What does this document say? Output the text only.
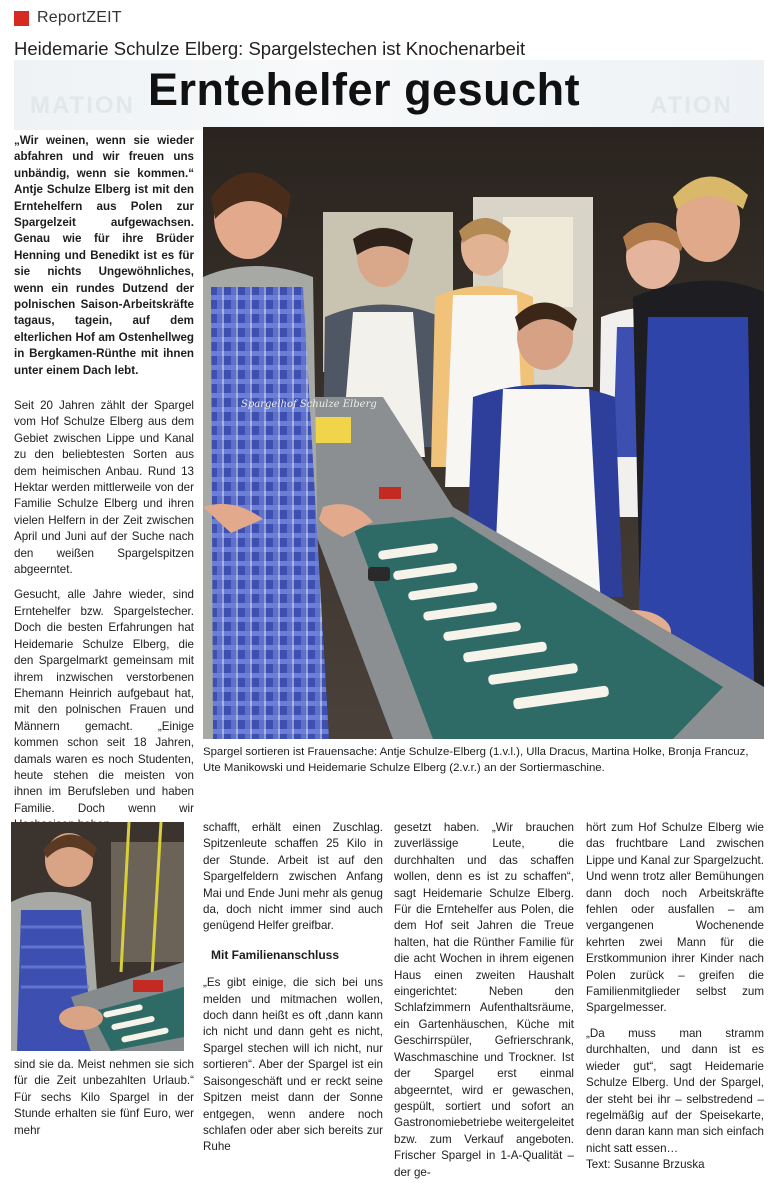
ReportZEIT
MATION	ATION
Heidemarie Schulze Elberg: Spargelstechen ist Knochenarbeit
Erntehelfer gesucht
„Wir weinen, wenn sie wieder abfahren und wir freuen uns unbändig, wenn sie kommen.“ Antje Schulze Elberg ist mit den Erntehelfern aus Polen zur Spargelzeit aufgewachsen. Genau wie für ihre Brüder Henning und Benedikt ist es für sie nichts Ungewöhnliches, wenn ein rundes Dutzend der polnischen Saison-Arbeitskräfte tagaus, tagein, auf dem elterlichen Hof am Ostenhellweg in Bergkamen-Rünthe mit ihnen unter einem Dach lebt.

Seit 20 Jahren zählt der Spargel vom Hof Schulze Elberg aus dem Gebiet zwischen Lippe und Kanal zu den beliebtesten Sorten aus dem heimischen Anbau. Rund 13 Hektar werden mittlerweile von der Familie Schulze Elberg und ihren vielen Helfern in der Zeit zwischen April und Juni auf der Suche nach den weißen Spargelspitzen abgeerntet.

Gesucht, alle Jahre wieder, sind Erntehelfer bzw. Spargelstecher. Doch die besten Erfahrungen hat Heidemarie Schulze Elberg, die den Spargelmarkt gemeinsam mit ihrem inzwischen verstorbenen Ehemann Heinrich aufgebaut hat, mit den polnischen Frauen und Männern gemacht. „Einige kommen schon seit 18 Jahren, damals waren es noch Studenten, heute stehen die meisten von ihnen im Berufsleben und haben Familie. Doch wenn wir

Spargelhof Schulze Elberg
Spargel sortieren ist Frauensache: Antje Schulze-Elberg (1.v.l.), Ulla Dracus, Martina Holke, Bronja Francuz, Ute Manikowski und Heidemarie Schulze Elberg (2.v.r.) an der Sortiermaschine.

sind sie da. Meist nehmen sie sich für die Zeit unbezahlten Urlaub.“ Für sechs Kilo Spargel in der Stunde erhalten sie fünf Euro, wer mehr

schafft, erhält einen Zuschlag. Spitzenleute schaffen 25 Kilo in der Stunde. Arbeit ist auf den Spargelfeldern zwischen Anfang Mai und Ende Juni mehr als genug da, doch nicht immer sind auch genügend Helfer greifbar.

Mit Familienanschluss

„Es gibt einige, die sich bei uns melden und mitmachen wollen, doch dann heißt es oft ‚dann kann ich nicht und dann geht es nicht, Spargel stechen will ich nicht, nur sortieren“. Aber der Spargel ist ein Saisongeschäft und er reckt seine Spitzen meist dann der Sonne entgegen, wenn andere noch schlafen oder aber sich bereits zur Ruhe

gesetzt haben. „Wir brauchen zuverlässige Leute, die durchhalten und das schaffen wollen, denn es ist zu schaffen“, sagt Heidemarie Schulze Elberg. Für die Erntehelfer aus Polen, die dem Hof seit Jahren die Treue halten, hat die Rünther Familie für die acht Wochen in ihrem eigenen Haus einen zweiten Haushalt eingerichtet: Neben den Schlafzimmern Aufenthaltsräume, ein Gartenhäuschen, Küche mit Geschirrspüler, Gefrierschrank, Waschmaschine und Trockner. Ist der Spargel erst einmal abgeerntet, wird er gewaschen, gespült, sortiert und sofort an Gastronomiebetriebe weitergeleitet bzw. zum Verkauf angeboten. Frischer Spargel in 1-A-Qualität – der ge-

hört zum Hof Schulze Elberg wie das fruchtbare Land zwischen Lippe und Kanal zur Spargelzucht. Und wenn trotz aller Bemühungen dann doch noch Arbeitskräfte fehlen oder ausfallen – am vergangenen Wochenende kehrten zwei Mann für die Erstkommunion ihrer Kinder nach Polen zurück – greifen die Familienmitglieder selbst zum Spargelmesser.

„Da muss man stramm durchhalten, und dann ist es wieder gut“, sagt Heidemarie Schulze Elberg. Und der Spargel, der steht bei ihr – selbstredend – regelmäßig auf der Speisekarte, denn daran kann man sich einfach nicht satt essen…

Text: Susanne Brzuska
